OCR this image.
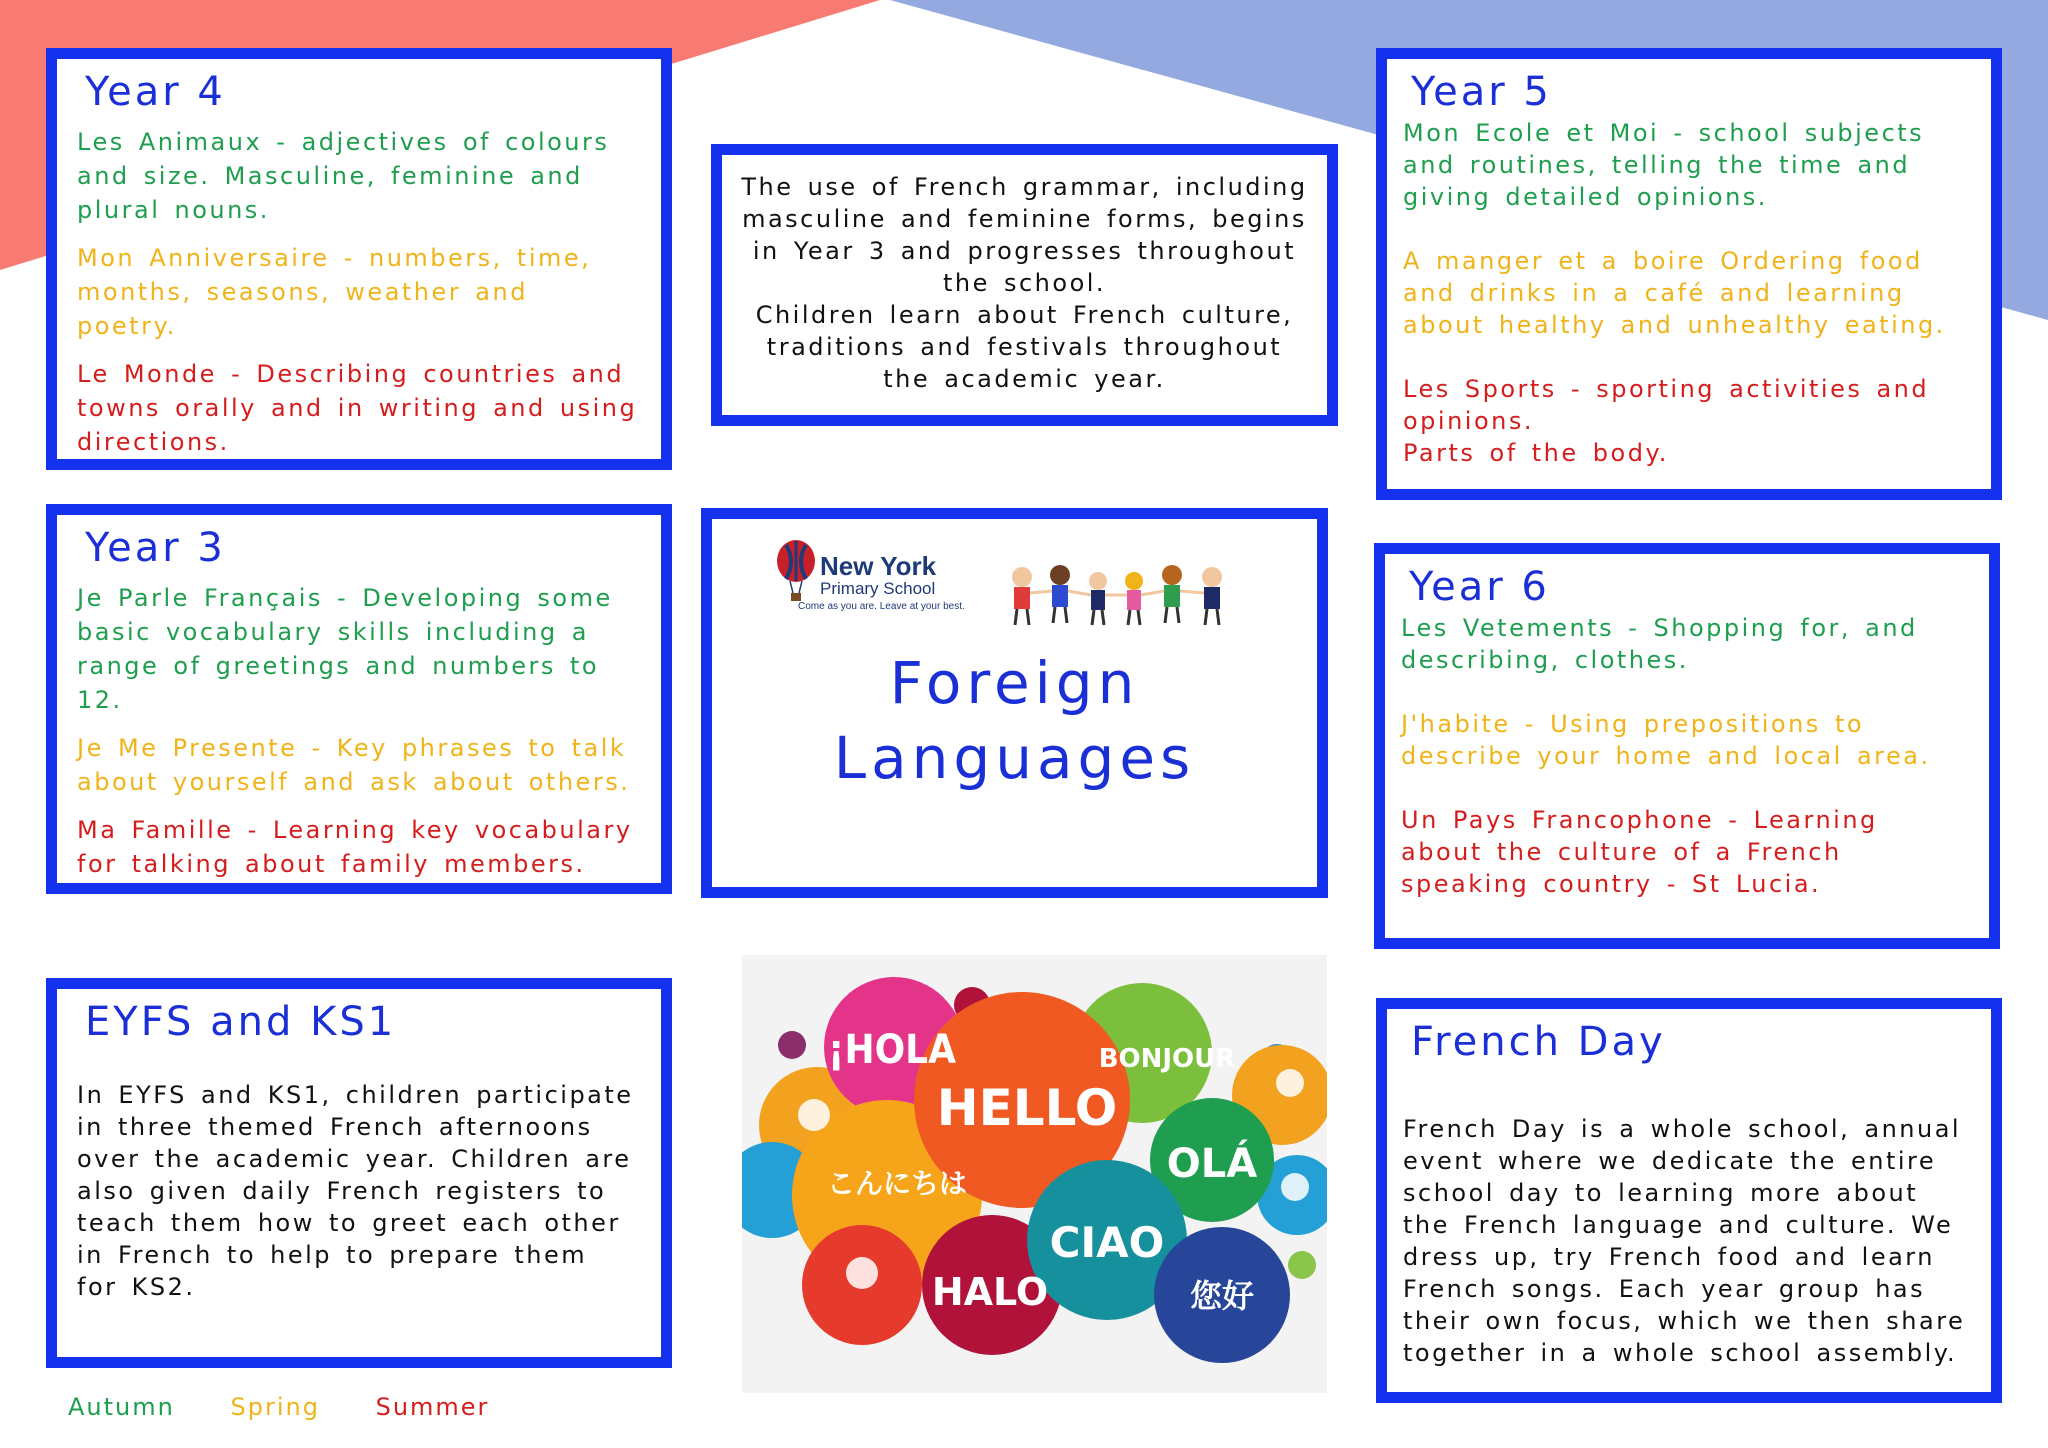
Year 4

Les Animaux - adjectives of colours and size. Masculine, feminine and plural nouns.

Mon Anniversaire - numbers, time, months, seasons, weather and poetry.

Le Monde - Describing countries and towns orally and in writing and using directions.

The use of French grammar, including masculine and feminine forms, begins in Year 3 and progresses throughout the school.

Children learn about French culture, traditions and festivals throughout the academic year.

Year 5

Mon Ecole et Moi - school subjects and routines, telling the time and giving detailed opinions.

A manger et a boire Ordering food and drinks in a café and learning about healthy and unhealthy eating.

Les Sports - sporting activities and opinions.

Parts of the body.

Year 3

Je Parle Français - Developing some basic vocabulary skills including a range of greetings and numbers to 12.

Je Me Presente - Key phrases to talk about yourself and ask about others.

Ma Famille - Learning key vocabulary for talking about family members.

New York
Primary School
Come as you are. Leave at your best.
Foreign
Languages
Year 6

Les Vetements - Shopping for, and describing, clothes.

J'habite - Using prepositions to describe your home and local area.

Un Pays Francophone - Learning about the culture of a French speaking country - St Lucia.

EYFS and KS1

In EYFS and KS1, children participate in three themed French afternoons over the academic year. Children are also given daily French registers to teach them how to greet each other in French to help to prepare them for KS2.

¡HOLA
HELLO
BONJOUR
OLÁ
こんにちは
CIAO
HALO	您好
French Day

French Day is a whole school, annual event where we dedicate the entire school day to learning more about the French language and culture. We dress up, try French food and learn French songs. Each year group has their own focus, which we then share together in a whole school assembly.

Autumn Spring Summer
